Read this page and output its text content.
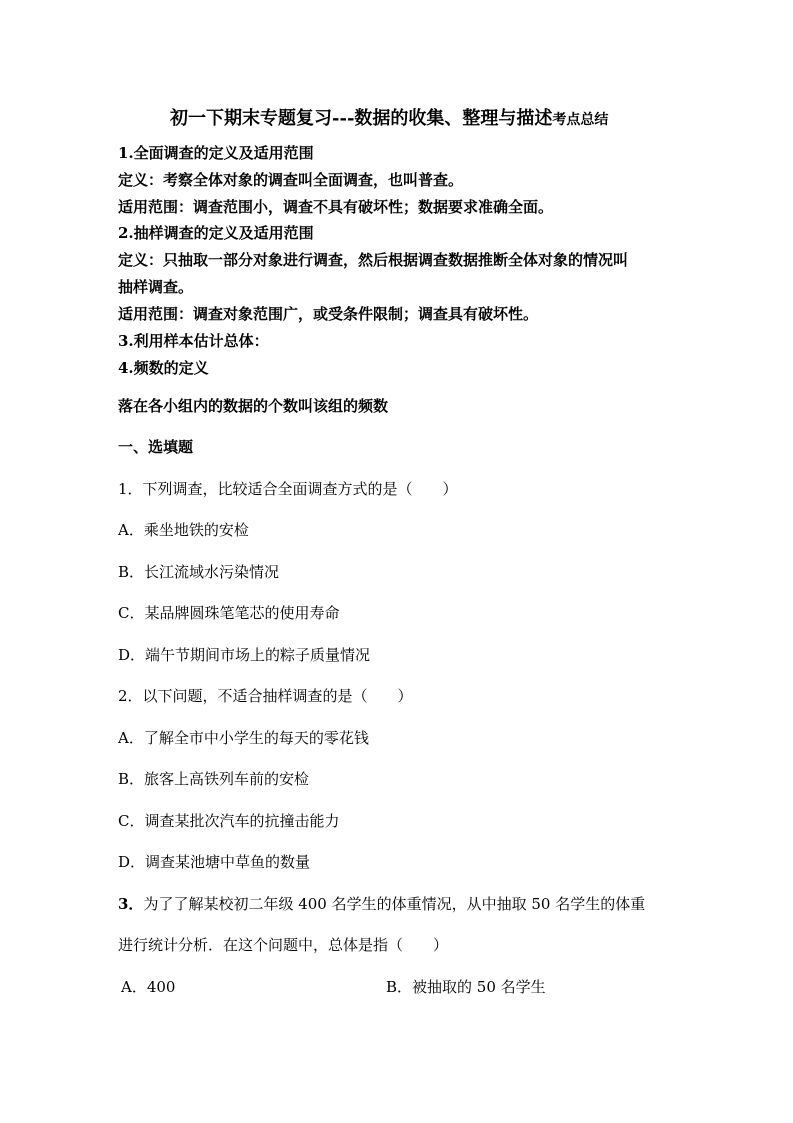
初一下期末专题复习---数据的收集、整理与描述考点总结
1.全面调查的定义及适用范围
定义：考察全体对象的调查叫全面调查，也叫普查。
适用范围：调查范围小，调查不具有破坏性；数据要求准确全面。
2.抽样调查的定义及适用范围
定义：只抽取一部分对象进行调查，然后根据调查数据推断全体对象的情况叫
抽样调查。
适用范围：调查对象范围广，或受条件限制；调查具有破坏性。
3.利用样本估计总体：
4.频数的定义
落在各小组内的数据的个数叫该组的频数
一、选填题
1．下列调查，比较适合全面调查方式的是（　　）
A．乘坐地铁的安检
B．长江流域水污染情况
C．某品牌圆珠笔笔芯的使用寿命
D．端午节期间市场上的粽子质量情况
2．以下问题，不适合抽样调查的是（　　）
A．了解全市中小学生的每天的零花钱
B．旅客上高铁列车前的安检
C．调查某批次汽车的抗撞击能力
D．调查某池塘中草鱼的数量
3．为了了解某校初二年级 400 名学生的体重情况，从中抽取 50 名学生的体重
进行统计分析．在这个问题中，总体是指（　　）
A．400	B．被抽取的 50 名学生
